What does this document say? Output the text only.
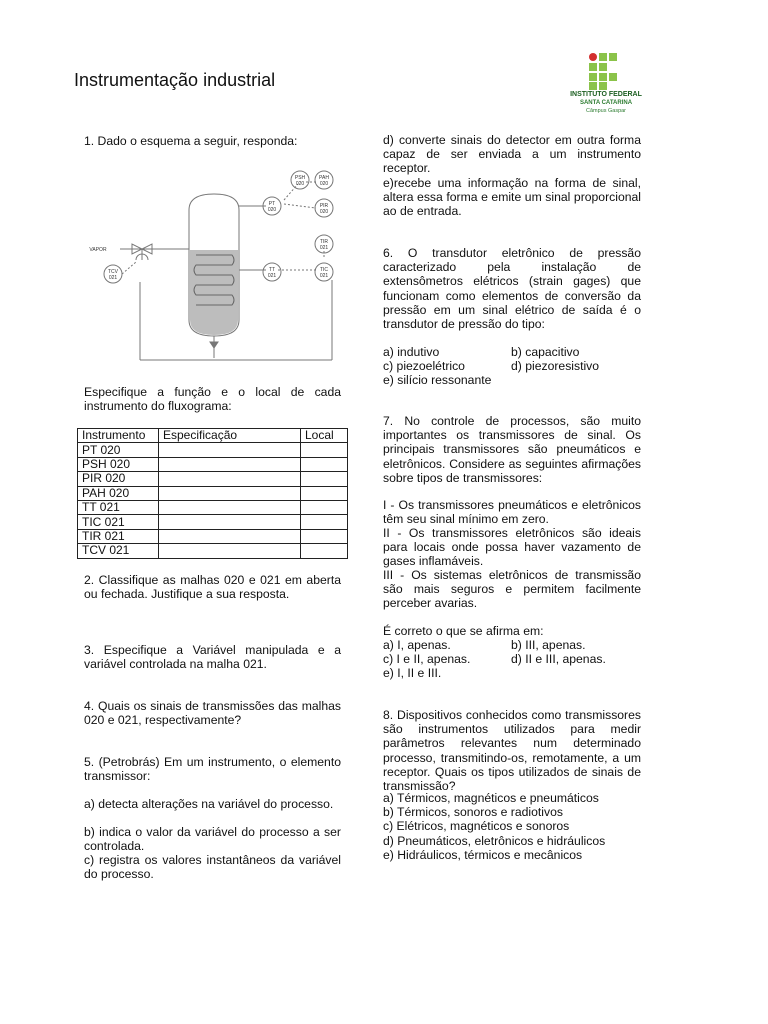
Instrumentação industrial
INSTITUTO FEDERAL
SANTA CATARINA
Câmpus Gaspar
1. Dado o esquema a seguir, responda:
VAPOR
PSH
020
PAH
020
PT
020
PIR
020
TIR
021
TCV
021
TT
021
TIC
021

Especifique a função e o local de cada instrumento do fluxograma:

Instrumento	Especificação	Local
PT 020		
PSH 020		
PIR 020		
PAH 020		
TT 021		
TIC 021		
TIR 021		
TCV 021		

2. Classifique as malhas 020 e 021 em aberta ou fechada. Justifique a sua resposta.

3. Especifique a Variável manipulada e a variável controlada na malha 021.

4. Quais os sinais de transmissões das malhas 020 e 021, respectivamente?

5. (Petrobrás) Em um instrumento, o elemento transmissor:

a) detecta alterações na variável do processo.

b) indica o valor da variável do processo a ser controlada.

c) registra os valores instantâneos da variável do processo.

d) converte sinais do detector em outra forma capaz de ser enviada a um instrumento receptor.

e)recebe uma informação na forma de sinal, altera essa forma e emite um sinal proporcional ao de entrada.

6. O transdutor eletrônico de pressão caracterizado pela instalação de extensômetros elétricos (strain gages) que funcionam como elementos de conversão da pressão em um sinal elétrico de saída é o transdutor de pressão do tipo:

a) indutivo	b) capacitivo
c) piezoelétrico	d) piezoresistivo
e) silício ressonante

7. No controle de processos, são muito importantes os transmissores de sinal. Os principais transmissores são pneumáticos e eletrônicos. Considere as seguintes afirmações sobre tipos de transmissores:

I - Os transmissores pneumáticos e eletrônicos têm seu sinal mínimo em zero.

II - Os transmissores eletrônicos são ideais para locais onde possa haver vazamento de gases inflamáveis.

III - Os sistemas eletrônicos de transmissão são mais seguros e permitem facilmente perceber avarias.

É correto o que se afirma em:

a) I, apenas.	b) III, apenas.
c) I e II, apenas.	d) II e III, apenas.
e) I, II e III.

8. Dispositivos conhecidos como transmissores são instrumentos utilizados para medir parâmetros relevantes num determinado processo, transmitindo-os, remotamente, a um receptor. Quais os tipos utilizados de sinais de transmissão?

a) Térmicos, magnéticos e pneumáticos
b) Térmicos, sonoros e radiotivos
c) Elétricos, magnéticos e sonoros
d) Pneumáticos, eletrônicos e hidráulicos
e) Hidráulicos, térmicos e mecânicos
